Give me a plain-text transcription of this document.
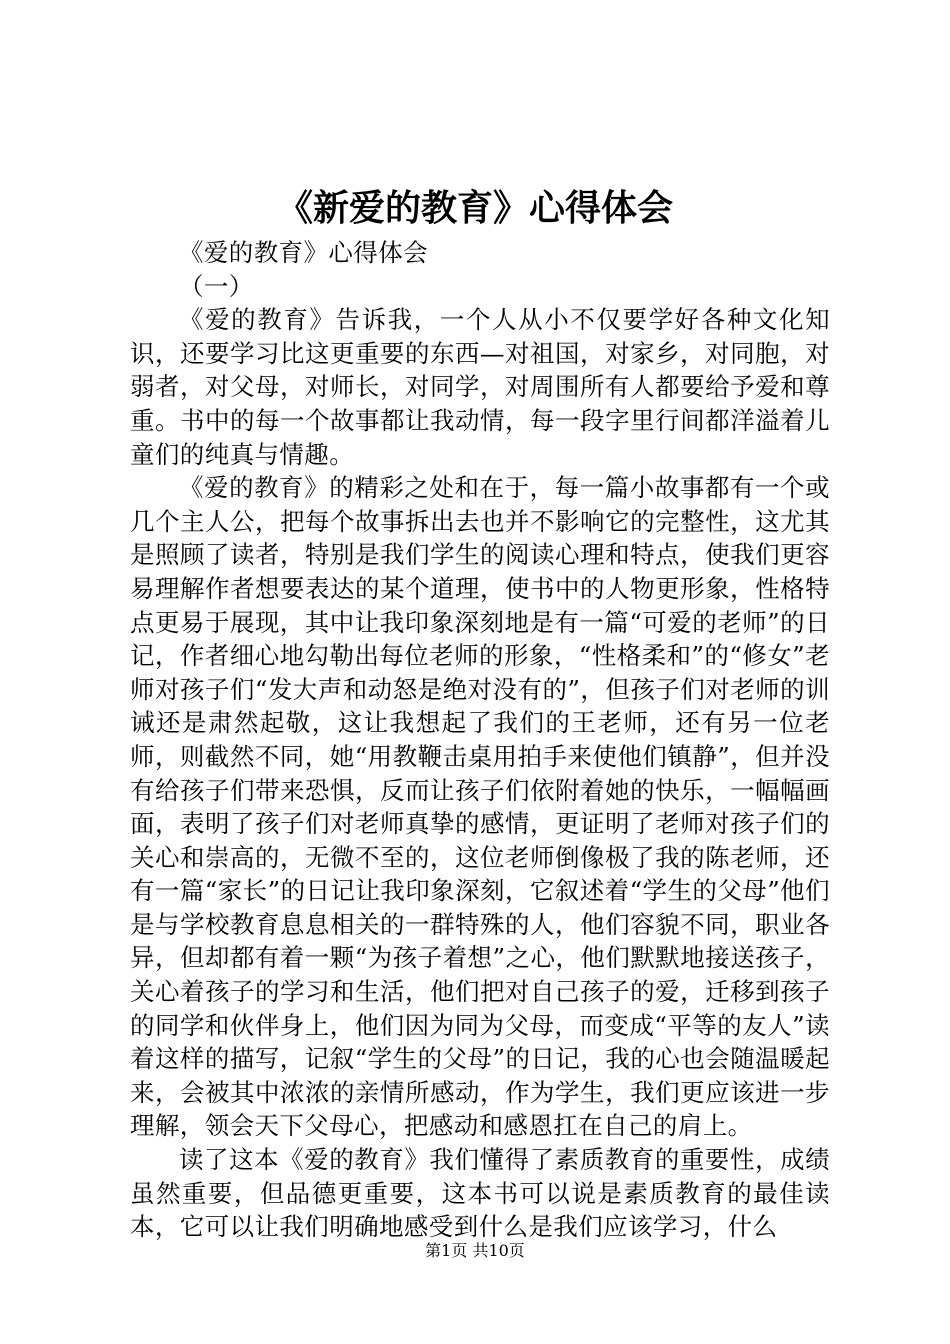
《新爱的教育》心得体会

《爱的教育》心得体会

（一）

《爱的教育》告诉我，一个人从小不仅要学好各种文化知识，还要学习比这更重要的东西—对祖国，对家乡，对同胞，对弱者，对父母，对师长，对同学，对周围所有人都要给予爱和尊重。书中的每一个故事都让我动情，每一段字里行间都洋溢着儿童们的纯真与情趣。

《爱的教育》的精彩之处和在于，每一篇小故事都有一个或几个主人公，把每个故事拆出去也并不影响它的完整性，这尤其是照顾了读者，特别是我们学生的阅读心理和特点，使我们更容易理解作者想要表达的某个道理，使书中的人物更形象，性格特点更易于展现，其中让我印象深刻地是有一篇“可爱的老师”的日记，作者细心地勾勒出每位老师的形象，“性格柔和”的“修女”老师对孩子们“发大声和动怒是绝对没有的”，但孩子们对老师的训诫还是肃然起敬，这让我想起了我们的王老师，还有另一位老师，则截然不同，她“用教鞭击桌用拍手来使他们镇静”，但并没有给孩子们带来恐惧，反而让孩子们依附着她的快乐，一幅幅画面，表明了孩子们对老师真挚的感情，更证明了老师对孩子们的关心和崇高的，无微不至的，这位老师倒像极了我的陈老师，还有一篇“家长”的日记让我印象深刻，它叙述着“学生的父母”他们是与学校教育息息相关的一群特殊的人，他们容貌不同，职业各异，但却都有着一颗“为孩子着想”之心，他们默默地接送孩子，关心着孩子的学习和生活，他们把对自己孩子的爱，迁移到孩子的同学和伙伴身上，他们因为同为父母，而变成“平等的友人”读着这样的描写，记叙“学生的父母”的日记，我的心也会随温暖起来，会被其中浓浓的亲情所感动，作为学生，我们更应该进一步理解，领会天下父母心，把感动和感恩扛在自己的肩上。

读了这本《爱的教育》我们懂得了素质教育的重要性，成绩虽然重要，但品德更重要，这本书可以说是素质教育的最佳读本，它可以让我们明确地感受到什么是我们应该学习，什么

第1页 共10页
